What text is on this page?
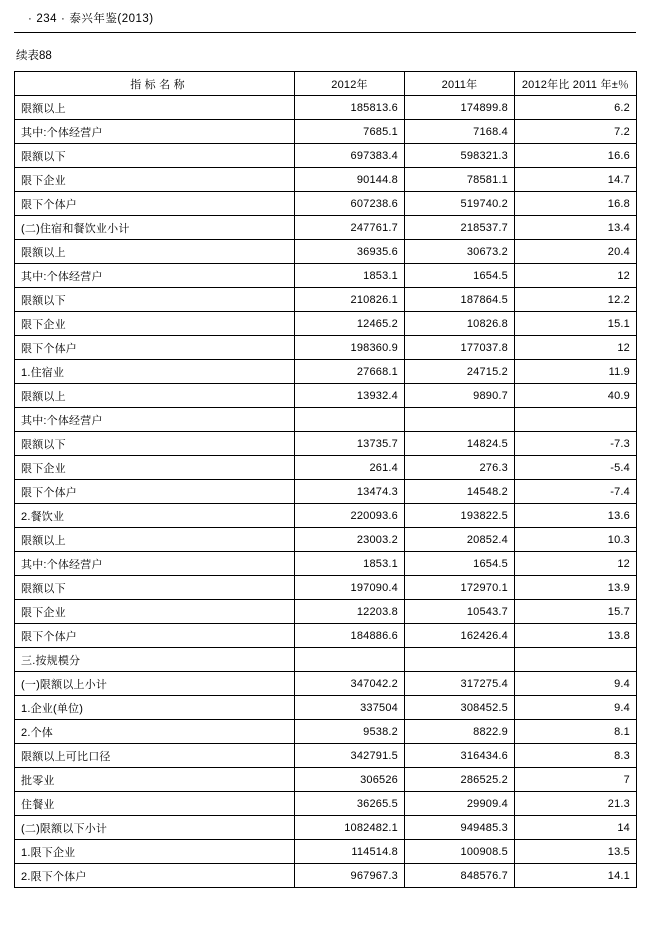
· 234 · 泰兴年鉴(2013)
续表88
指 标 名 称	2012年	2011年	2012年比 2011 年±％
限额以上	185813.6	174899.8	6.2
其中:个体经营户	7685.1	7168.4	7.2
限额以下	697383.4	598321.3	16.6
限下企业	90144.8	78581.1	14.7
限下个体户	607238.6	519740.2	16.8
(二)住宿和餐饮业小计	247761.7	218537.7	13.4
限额以上	36935.6	30673.2	20.4
其中:个体经营户	1853.1	1654.5	12
限额以下	210826.1	187864.5	12.2
限下企业	12465.2	10826.8	15.1
限下个体户	198360.9	177037.8	12
1.住宿业	27668.1	24715.2	11.9
限额以上	13932.4	9890.7	40.9
其中:个体经营户			
限额以下	13735.7	14824.5	-7.3
限下企业	261.4	276.3	-5.4
限下个体户	13474.3	14548.2	-7.4
2.餐饮业	220093.6	193822.5	13.6
限额以上	23003.2	20852.4	10.3
其中:个体经营户	1853.1	1654.5	12
限额以下	197090.4	172970.1	13.9
限下企业	12203.8	10543.7	15.7
限下个体户	184886.6	162426.4	13.8
三.按规模分			
(一)限额以上小计	347042.2	317275.4	9.4
1.企业(单位)	337504	308452.5	9.4
2.个体	9538.2	8822.9	8.1
限额以上可比口径	342791.5	316434.6	8.3
批零业	306526	286525.2	7
住餐业	36265.5	29909.4	21.3
(二)限额以下小计	1082482.1	949485.3	14
1.限下企业	114514.8	100908.5	13.5
2.限下个体户	967967.3	848576.7	14.1
